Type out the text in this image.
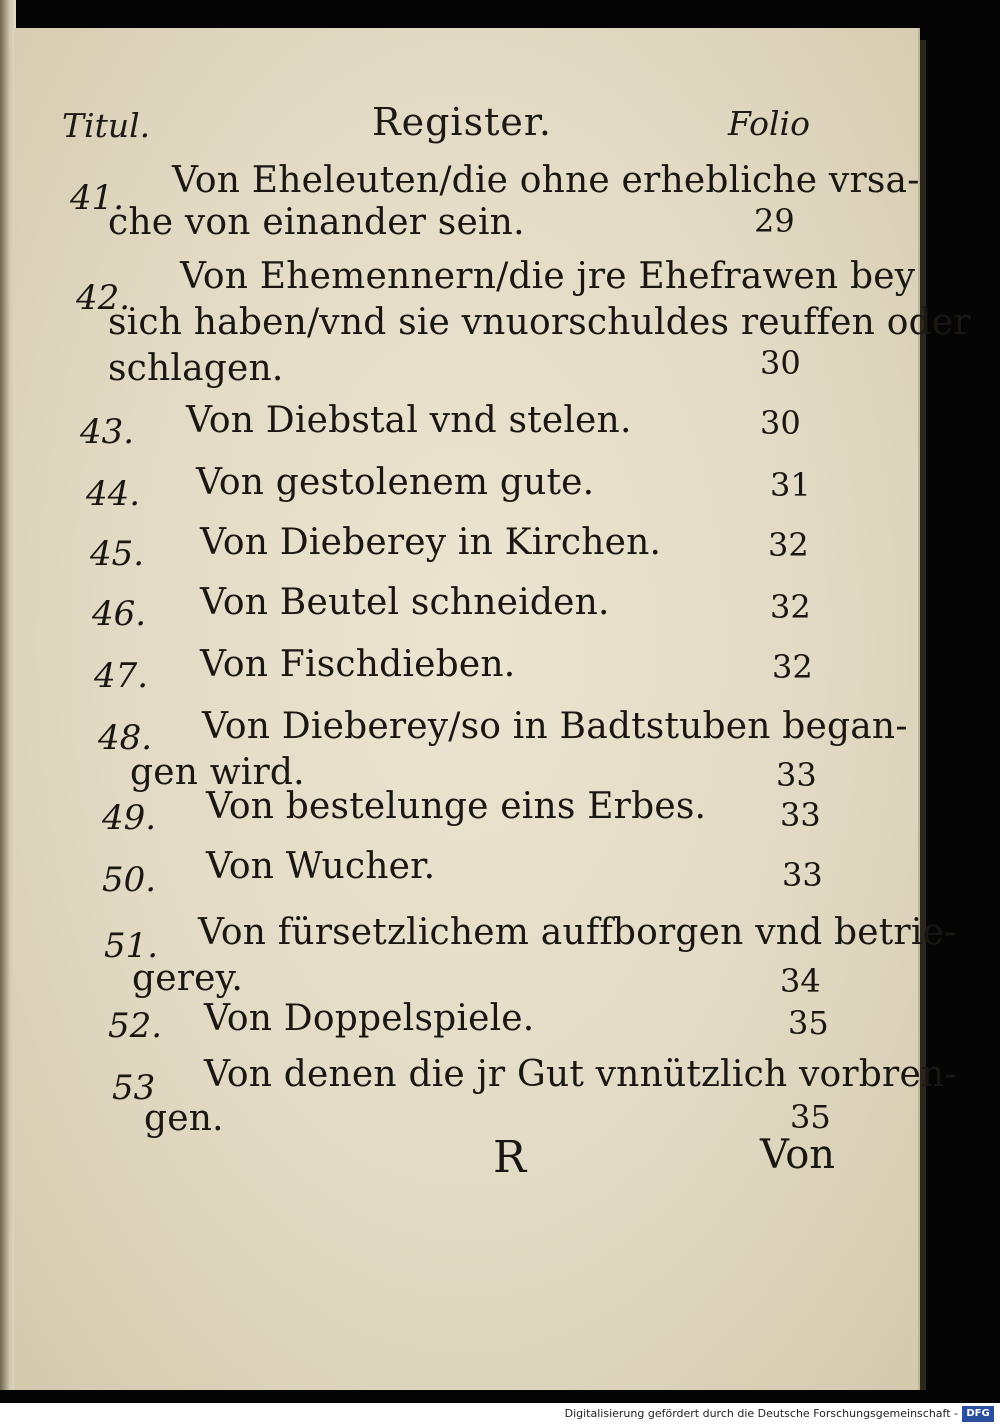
Titul.	Register.	Folio
41. Von Eheleuten/die ohne erhebliche vrsa-
che von einander sein.	29
42.
Von Ehemennern/die jre Ehefrawen bey
sich haben/vnd sie vnuorschuldes reuffen oder
schlagen.	30
43. Von Diebstal vnd stelen.	30
44. Von gestolenem gute.	31
45. Von Dieberey in Kirchen.	32
46. Von Beutel schneiden.	32
47. Von Fischdieben.	32
48. Von Dieberey/so in Badtstuben began-
gen wird.	33
49. Von bestelunge eins Erbes. 33
50. Von Wucher.	33
51. Von fürsetzlichem auffborgen vnd betrie-
gerey.	34
52. Von Doppelspiele.	35
53 Von denen die jr Gut vnnützlich vorbren-
gen.	35
R	Von
Digitalisierung gefördert durch die Deutsche Forschungsgemeinschaft - DFG
